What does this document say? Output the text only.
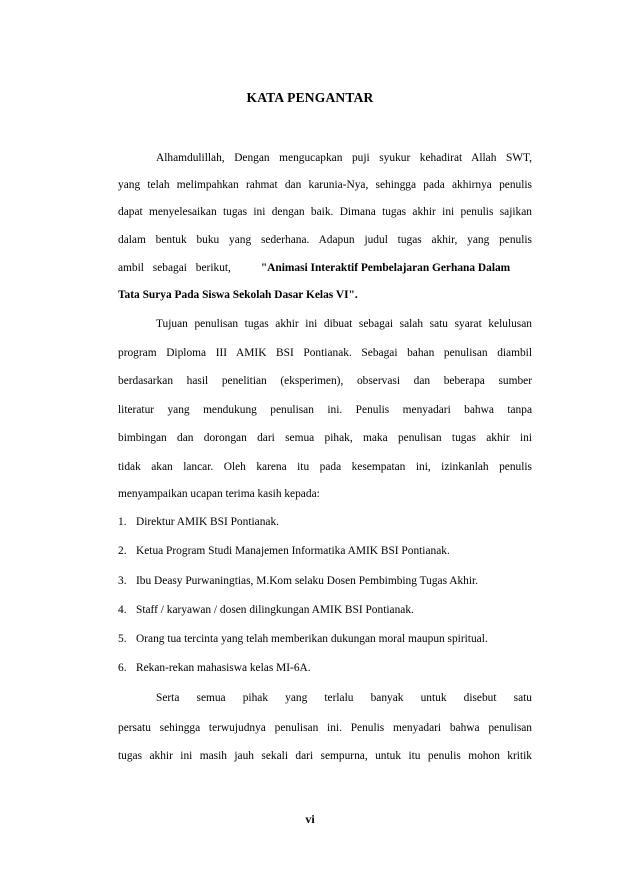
KATA PENGANTAR
Alhamdulillah, Dengan mengucapkan puji syukur kehadirat Allah SWT,
yang telah melimpahkan rahmat dan karunia-Nya, sehingga pada akhirnya penulis
dapat menyelesaikan tugas ini dengan baik. Dimana tugas akhir ini penulis sajikan
dalam bentuk buku yang sederhana. Adapun judul tugas akhir, yang penulis
ambil sebagai berikut,	"Animasi Interaktif Pembelajaran Gerhana Dalam
Tata Surya Pada Siswa Sekolah Dasar Kelas VI".
Tujuan penulisan tugas akhir ini dibuat sebagai salah satu syarat kelulusan
program Diploma III AMIK BSI Pontianak. Sebagai bahan penulisan diambil
berdasarkan hasil penelitian (eksperimen), observasi dan beberapa sumber
literatur yang mendukung penulisan ini. Penulis menyadari bahwa tanpa
bimbingan dan dorongan dari semua pihak, maka penulisan tugas akhir ini
tidak akan lancar. Oleh karena itu pada kesempatan ini, izinkanlah penulis
menyampaikan ucapan terima kasih kepada:
1. Direktur AMIK BSI Pontianak.
2. Ketua Program Studi Manajemen Informatika AMIK BSI Pontianak.
3. Ibu Deasy Purwaningtias, M.Kom selaku Dosen Pembimbing Tugas Akhir.
4. Staff / karyawan / dosen dilingkungan AMIK BSI Pontianak.
5. Orang tua tercinta yang telah memberikan dukungan moral maupun spiritual.
6. Rekan-rekan mahasiswa kelas MI-6A.
Serta semua pihak yang terlalu banyak untuk disebut satu
persatu sehingga terwujudnya penulisan ini. Penulis menyadari bahwa penulisan
tugas akhir ini masih jauh sekali dari sempurna, untuk itu penulis mohon kritik
vi
